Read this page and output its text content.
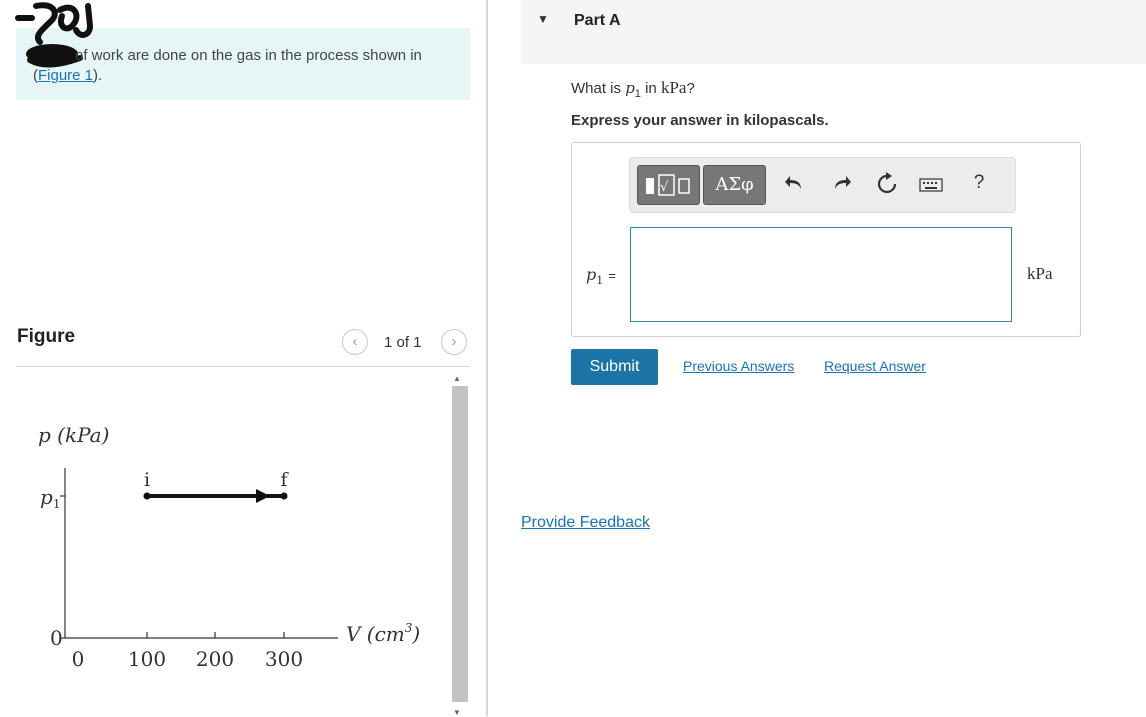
of work are done on the gas in the process shown in
(Figure 1).
Figure	‹	1 of 1	›
p (kPa)
V $(cm^3)$
$p_1$
0
0 100 200 300
i	f
▲
▼
▼ Part A
What is $p_1$ in kPa?
Express your answer in kilopascals.
√	ΑΣφ	?
$p_1$ =	kPa
Submit	Previous Answers Request Answer
Provide Feedback
